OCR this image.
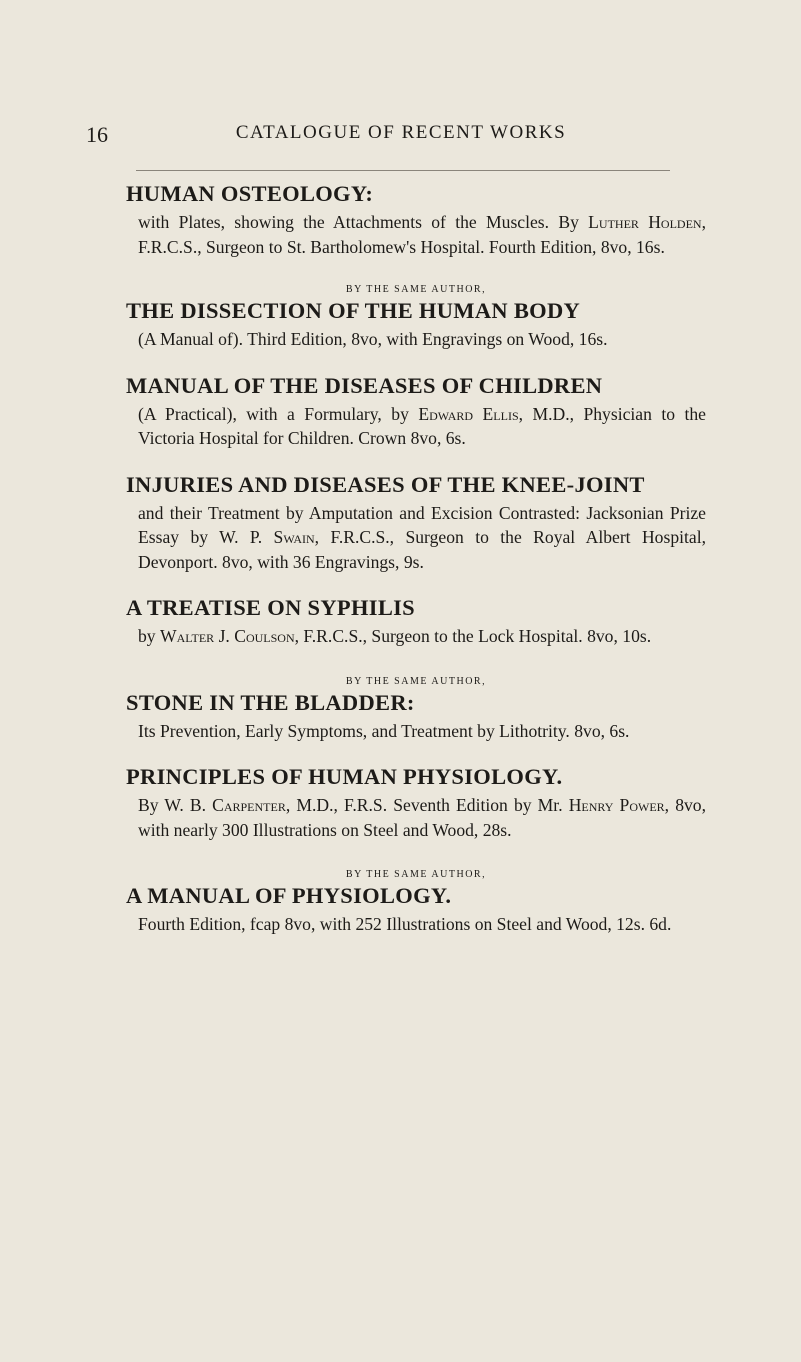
16	CATALOGUE OF RECENT WORKS
HUMAN OSTEOLOGY:

with Plates, showing the Attachments of the Muscles. By Luther Holden, F.R.C.S., Surgeon to St. Bartholomew's Hospital. Fourth Edition, 8vo, 16s.

BY THE SAME AUTHOR,

THE DISSECTION OF THE HUMAN BODY

(A Manual of). Third Edition, 8vo, with Engravings on Wood, 16s.

MANUAL OF THE DISEASES OF CHILDREN

(A Practical), with a Formulary, by Edward Ellis, M.D., Physician to the Victoria Hospital for Children. Crown 8vo, 6s.

INJURIES AND DISEASES OF THE KNEE-JOINT

and their Treatment by Amputation and Excision Contrasted: Jacksonian Prize Essay by W. P. Swain, F.R.C.S., Surgeon to the Royal Albert Hospital, Devonport. 8vo, with 36 Engravings, 9s.

A TREATISE ON SYPHILIS

by Walter J. Coulson, F.R.C.S., Surgeon to the Lock Hospital. 8vo, 10s.

BY THE SAME AUTHOR,

STONE IN THE BLADDER:

Its Prevention, Early Symptoms, and Treatment by Lithotrity. 8vo, 6s.

PRINCIPLES OF HUMAN PHYSIOLOGY.

By W. B. Carpenter, M.D., F.R.S. Seventh Edition by Mr. Henry Power, 8vo, with nearly 300 Illustrations on Steel and Wood, 28s.

BY THE SAME AUTHOR,

A MANUAL OF PHYSIOLOGY.

Fourth Edition, fcap 8vo, with 252 Illustrations on Steel and Wood, 12s. 6d.
